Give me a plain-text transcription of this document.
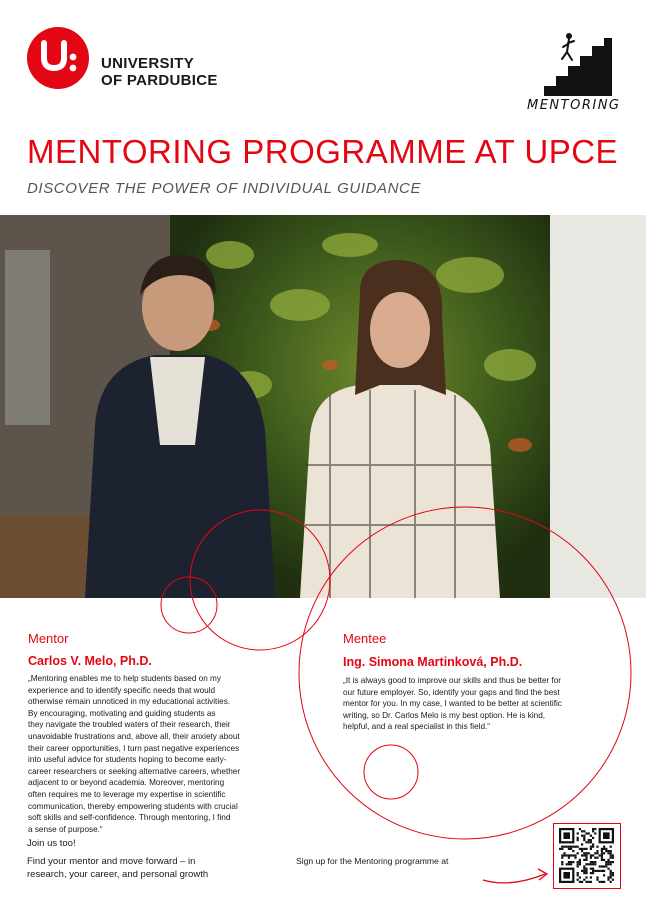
UNIVERSITY
OF PARDUBICE
MENTORING
MENTORING PROGRAMME AT UPCE
DISCOVER THE POWER OF INDIVIDUAL GUIDANCE
Mentor
Carlos V. Melo, Ph.D.
„Mentoring enables me to help students based on my
experience and to identify specific needs that would
otherwise remain unnoticed in my educational activities.
By encouraging, motivating and guiding students as
they navigate the troubled waters of their research, their
unavoidable frustrations and, above all, their anxiety about
their career opportunities, I turn past negative experiences
into useful advice for students hoping to become early-
career researchers or seeking alternative careers, whether
adjacent to or beyond academia. Moreover, mentoring
often requires me to leverage my expertise in scientific
communication, thereby empowering students with crucial
soft skills and self-confidence. Through mentoring, I find
a sense of purpose.“
Mentee
Ing. Simona Martinková, Ph.D.
„It is always good to improve our skills and thus be better for
our future employer. So, identify your gaps and find the best
mentor for you. In my case, I wanted to be better at scientific
writing, so Dr. Carlos Melo is my best option. He is kind,
helpful, and a real specialist in this field.“
Join us too!
Find your mentor and move forward – in
research, your career, and personal growth
Sign up for the Mentoring programme at
